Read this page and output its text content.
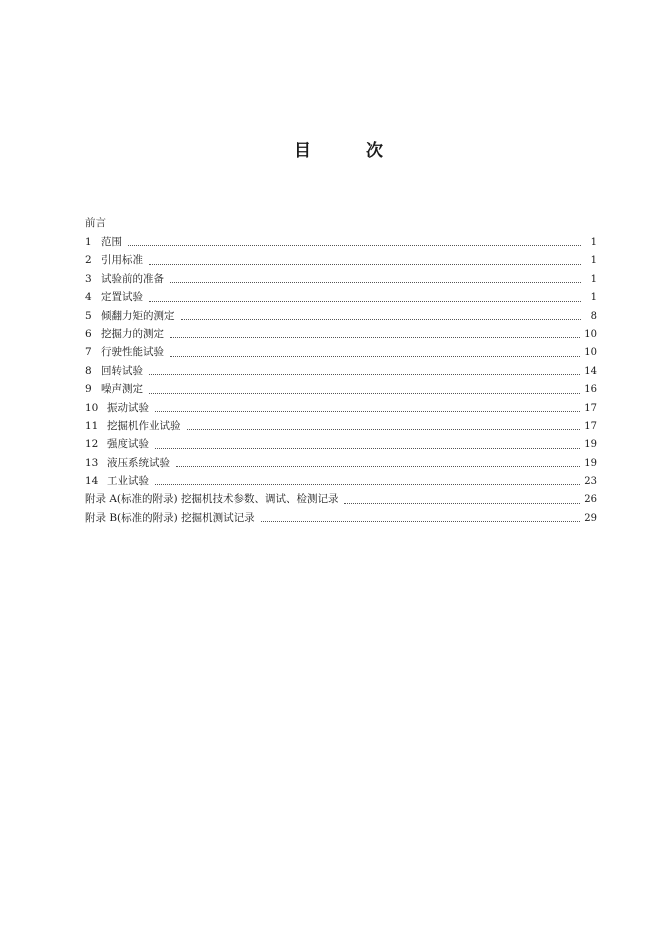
目	次
前言
1 范围	1
2 引用标准	1
3 试验前的准备	1
4 定置试验	1
5 倾翻力矩的测定	8
6 挖掘力的测定	10
7 行驶性能试验	10
8 回转试验	14
9 噪声测定	16
10 振动试验	17
11 挖掘机作业试验	17
12 强度试验	19
13 液压系统试验	19
14 工业试验	23
附录 A(标准的附录) 挖掘机技术参数、调试、检测记录	26
附录 B(标准的附录) 挖掘机测试记录	29
